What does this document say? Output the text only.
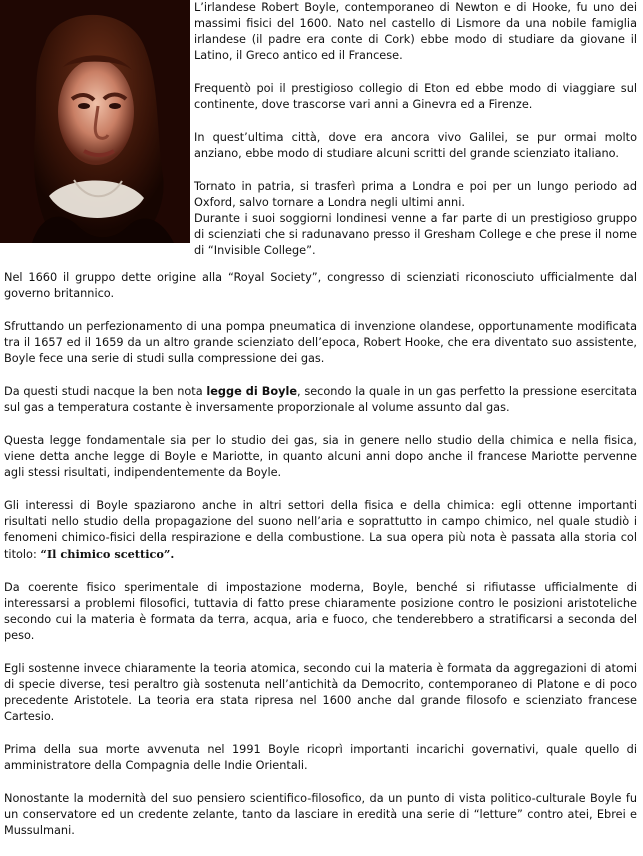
L’irlandese Robert Boyle, contemporaneo di Newton e di Hooke, fu uno dei massimi fisici del 1600. Nato nel castello di Lismore da una nobile famiglia irlandese (il padre era conte di Cork) ebbe modo di studiare da giovane il Latino, il Greco antico ed il Francese.

Frequentò poi il prestigioso collegio di Eton ed ebbe modo di viaggiare sul continente, dove trascorse vari anni a Ginevra ed a Firenze.

In quest’ultima città, dove era ancora vivo Galilei, se pur ormai molto anziano, ebbe modo di studiare alcuni scritti del grande scienziato italiano.

Tornato in patria, si trasferì prima a Londra e poi per un lungo periodo ad Oxford, salvo tornare a Londra negli ultimi anni.

Durante i suoi soggiorni londinesi venne a far parte di un prestigioso gruppo di scienziati che si radunavano presso il Gresham College e che prese il nome di “Invisible College”.

Nel 1660 il gruppo dette origine alla “Royal Society”, congresso di scienziati riconosciuto ufficialmente dal governo britannico.

Sfruttando un perfezionamento di una pompa pneumatica di invenzione olandese, opportunamente modificata tra il 1657 ed il 1659 da un altro grande scienziato dell’epoca, Robert Hooke, che era diventato suo assistente, Boyle fece una serie di studi sulla compressione dei gas.

Da questi studi nacque la ben nota legge di Boyle, secondo la quale in un gas perfetto la pressione esercitata sul gas a temperatura costante è inversamente proporzionale al volume assunto dal gas.

Questa legge fondamentale sia per lo studio dei gas, sia in genere nello studio della chimica e nella fisica, viene detta anche legge di Boyle e Mariotte, in quanto alcuni anni dopo anche il francese Mariotte pervenne agli stessi risultati, indipendentemente da Boyle.

Gli interessi di Boyle spaziarono anche in altri settori della fisica e della chimica: egli ottenne importanti risultati nello studio della propagazione del suono nell’aria e soprattutto in campo chimico, nel quale studiò i fenomeni chimico-fisici della respirazione e della combustione. La sua opera più nota è passata alla storia col titolo: “Il chimico scettico”.

Da coerente fisico sperimentale di impostazione moderna, Boyle, benché si rifiutasse ufficialmente di interessarsi a problemi filosofici, tuttavia di fatto prese chiaramente posizione contro le posizioni aristoteliche secondo cui la materia è formata da terra, acqua, aria e fuoco, che tenderebbero a stratificarsi a seconda del peso.

Egli sostenne invece chiaramente la teoria atomica, secondo cui la materia è formata da aggregazioni di atomi di specie diverse, tesi peraltro già sostenuta nell’antichità da Democrito, contemporaneo di Platone e di poco precedente Aristotele. La teoria era stata ripresa nel 1600 anche dal grande filosofo e scienziato francese Cartesio.

Prima della sua morte avvenuta nel 1991 Boyle ricoprì importanti incarichi governativi, quale quello di amministratore della Compagnia delle Indie Orientali.

Nonostante la modernità del suo pensiero scientifico-filosofico, da un punto di vista politico-culturale Boyle fu un conservatore ed un credente zelante, tanto da lasciare in eredità una serie di “letture” contro atei, Ebrei e Mussulmani.
